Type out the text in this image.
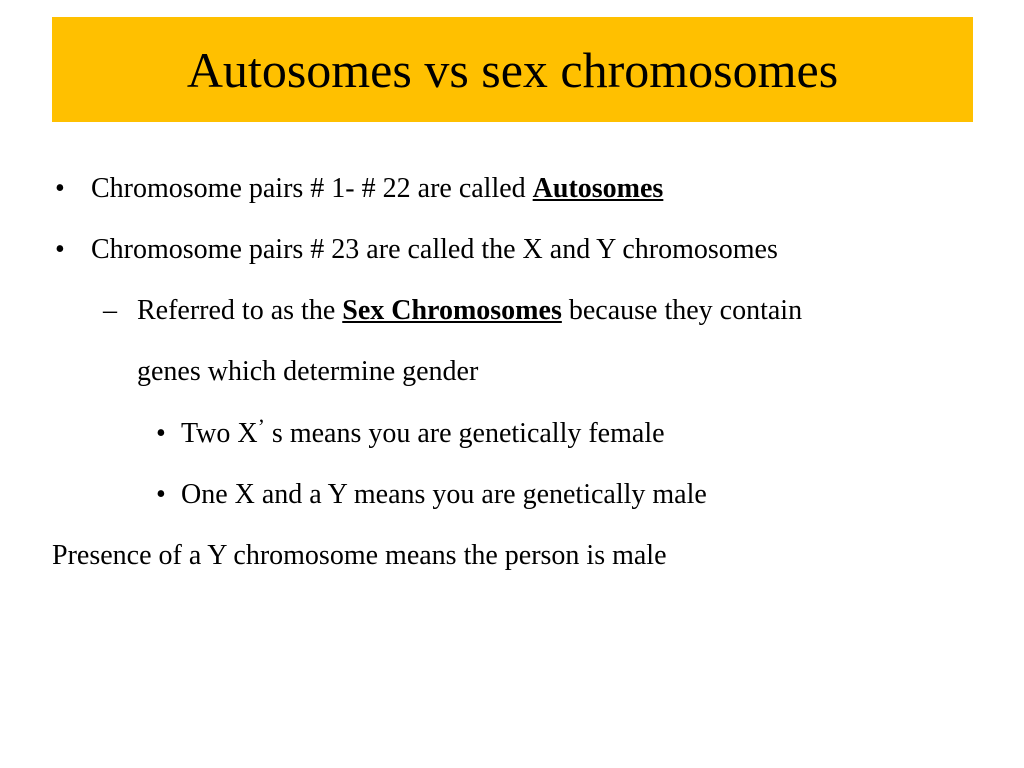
Autosomes vs sex chromosomes
• Chromosome pairs # 1- # 22 are called Autosomes
• Chromosome pairs # 23 are called the X and Y chromosomes
– Referred to as the Sex Chromosomes because they contain
genes which determine gender
• Two X’ s means you are genetically female
• One X and a Y means you are genetically male
Presence of a Y chromosome means the person is male
